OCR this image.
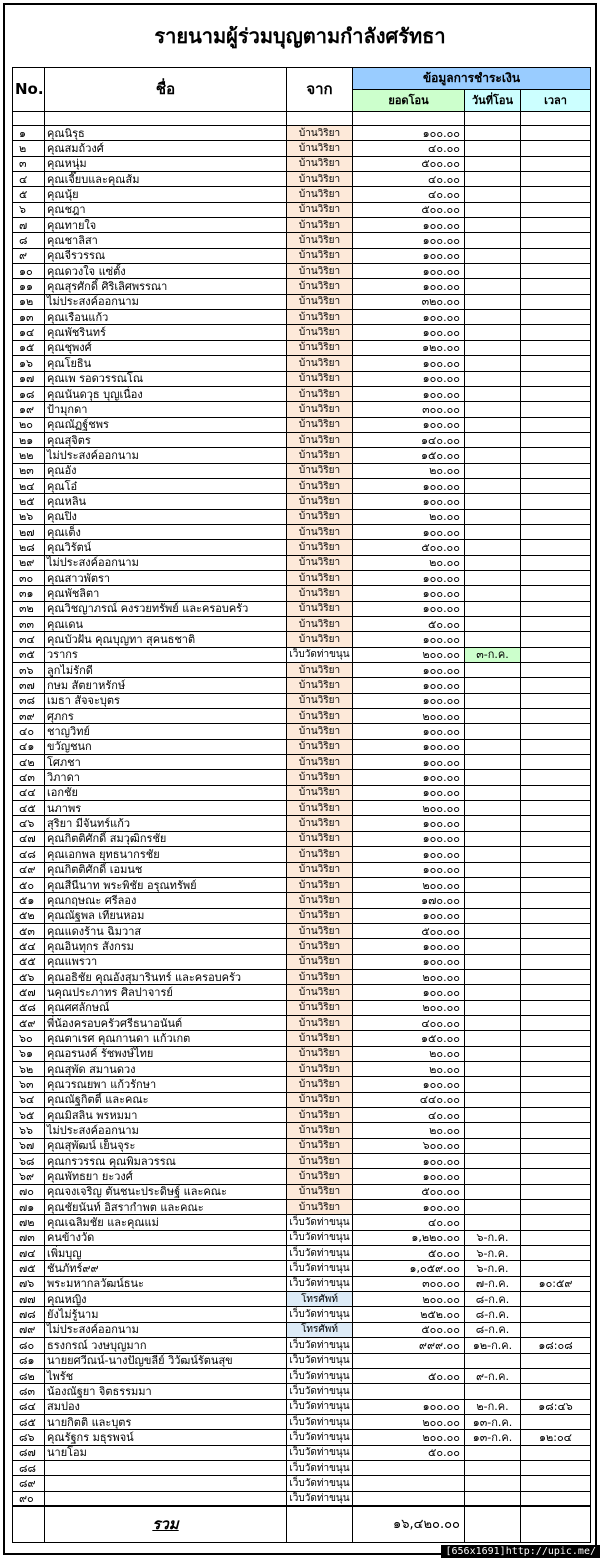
รายนามผู้ร่วมบุญตามกำลังศรัทธา
No.	ชื่อ	จาก	ข้อมูลการชำระเงิน		
			ยอดโอน	วันที่โอน	เวลา

๑	คุณนิรุธ	บ้านวิริยา	๑๐๐.๐๐		
๒	คุณสมถ้วงศ์	บ้านวิริยา	๔๐.๐๐		
๓	คุณหนุ่ม	บ้านวิริยา	๕๐๐.๐๐		
๔	คุณเจี๊ยบและคุณส้ม	บ้านวิริยา	๔๐.๐๐		
๕	คุณนุ้ย	บ้านวิริยา	๔๐.๐๐		
๖	คุณชฎา	บ้านวิริยา	๕๐๐.๐๐		
๗	คุณทายใจ	บ้านวิริยา	๑๐๐.๐๐		
๘	คุณชาลิสา	บ้านวิริยา	๑๐๐.๐๐		
๙	คุณจีรวรรณ	บ้านวิริยา	๑๐๐.๐๐		
๑๐	คุณดวงใจ แซ่ตั้ง	บ้านวิริยา	๑๐๐.๐๐		
๑๑	คุณสุรศักดิ์ ศิริเลิศพรรณา	บ้านวิริยา	๑๐๐.๐๐		
๑๒	ไม่ประสงค์ออกนาม	บ้านวิริยา	๓๒๐.๐๐		
๑๓	คุณเรือนแก้ว	บ้านวิริยา	๑๐๐.๐๐		
๑๔	คุณพัชรินทร์	บ้านวิริยา	๑๐๐.๐๐		
๑๕	คุณชุพงศ์	บ้านวิริยา	๑๒๐.๐๐		
๑๖	คุณโยธิน	บ้านวิริยา	๑๐๐.๐๐		
๑๗	คุณเพ รอดวรรณโณ	บ้านวิริยา	๑๐๐.๐๐		
๑๘	คุณนันดวุธ บุญเนื่อง	บ้านวิริยา	๑๐๐.๐๐		
๑๙	ป้ามุกดา	บ้านวิริยา	๓๐๐.๐๐		
๒๐	คุณณัฏฐ์ชพร	บ้านวิริยา	๑๐๐.๐๐		
๒๑	คุณสุจิตร	บ้านวิริยา	๑๔๐.๐๐		
๒๒	ไม่ประสงค์ออกนาม	บ้านวิริยา	๑๕๐.๐๐		
๒๓	คุณอัง	บ้านวิริยา	๒๐.๐๐		
๒๔	คุณโอ๋	บ้านวิริยา	๑๐๐.๐๐		
๒๕	คุณหลิน	บ้านวิริยา	๑๐๐.๐๐		
๒๖	คุณปิง	บ้านวิริยา	๒๐.๐๐		
๒๗	คุณเต็ง	บ้านวิริยา	๑๐๐.๐๐		
๒๘	คุณวิรัตน์	บ้านวิริยา	๕๐๐.๐๐		
๒๙	ไม่ประสงค์ออกนาม	บ้านวิริยา	๒๐.๐๐		
๓๐	คุณสาวพัตรา	บ้านวิริยา	๑๐๐.๐๐		
๓๑	คุณพัชลิตา	บ้านวิริยา	๑๐๐.๐๐		
๓๒	คุณวิชญาภรณ์ คงรวยทรัพย์ และครอบครัว	บ้านวิริยา	๑๐๐.๐๐		
๓๓	คุณเดน	บ้านวิริยา	๕๐.๐๐		
๓๔	คุณบัวฝัน คุณบุญทา สุคนธชาติ	บ้านวิริยา	๑๐๐.๐๐		
๓๕	วรากร	เว็บวัดท่าขนุน	๒๐๐.๐๐	๓-ก.ค.	
๓๖	ลูกไม่รักดี	บ้านวิริยา	๑๐๐.๐๐		
๓๗	กษม สัตยาหรักษ์	บ้านวิริยา	๑๐๐.๐๐		
๓๘	เมธา สัจจะบุตร	บ้านวิริยา	๑๐๐.๐๐		
๓๙	ศุภกร	บ้านวิริยา	๒๐๐.๐๐		
๔๐	ชาญวิทย์	บ้านวิริยา	๑๐๐.๐๐		
๔๑	ขวัญชนก	บ้านวิริยา	๑๐๐.๐๐		
๔๒	โศภชา	บ้านวิริยา	๑๐๐.๐๐		
๔๓	วิภาดา	บ้านวิริยา	๑๐๐.๐๐		
๔๔	เอกชัย	บ้านวิริยา	๑๐๐.๐๐		
๔๕	นภาพร	บ้านวิริยา	๒๐๐.๐๐		
๔๖	สุริยา มีจันทร์แก้ว	บ้านวิริยา	๑๐๐.๐๐		
๔๗	คุณกิตติศักดิ์ สมวุฒิกรชัย	บ้านวิริยา	๑๐๐.๐๐		
๔๘	คุณเอกพล ยุทธนากรชัย	บ้านวิริยา	๑๐๐.๐๐		
๔๙	คุณกิตติศักดิ์ เอมนช	บ้านวิริยา	๑๐๐.๐๐		
๕๐	คุณสีนีนาท พระพิชัย อรุณทรัพย์	บ้านวิริยา	๒๐๐.๐๐		
๕๑	คุณกฤษณะ ศรีลอง	บ้านวิริยา	๑๗๐.๐๐		
๕๒	คุณณัฐพล เทียนหอม	บ้านวิริยา	๑๐๐.๐๐		
๕๓	คุณแดงร้าน ฉิมวาส	บ้านวิริยา	๕๐๐.๐๐		
๕๔	คุณอินทุกร สังกรม	บ้านวิริยา	๑๐๐.๐๐		
๕๕	คุณแพรวา	บ้านวิริยา	๑๐๐.๐๐		
๕๖	คุณอธิชัย คุณอังสุมารินทร์ และครอบครัว	บ้านวิริยา	๒๐๐.๐๐		
๕๗	นคุณประภาทร ศิลปาจารย์	บ้านวิริยา	๑๐๐.๐๐		
๕๘	คุณศศลักษณ์	บ้านวิริยา	๒๐๐.๐๐		
๕๙	พี่น้องครอบครัวศรีธนาอนันต์	บ้านวิริยา	๔๐๐.๐๐		
๖๐	คุณตาเรศ คุณกานดา แก้วเกต	บ้านวิริยา	๑๕๐.๐๐		
๖๑	คุณอรนงค์ รัชพงษ์ไทย	บ้านวิริยา	๒๐.๐๐		
๖๒	คุณสุพัด สมานดวง	บ้านวิริยา	๒๐.๐๐		
๖๓	คุณวรณยพา แก้วรักษา	บ้านวิริยา	๑๐๐.๐๐		
๖๔	คุณณัฐกิตติ์ และคณะ	บ้านวิริยา	๔๔๐.๐๐		
๖๕	คุณมิสลิน พรหมมา	บ้านวิริยา	๔๐.๐๐		
๖๖	ไม่ประสงค์ออกนาม	บ้านวิริยา	๒๐.๐๐		
๖๗	คุณสุพัฒน์ เย็นจุระ	บ้านวิริยา	๖๐๐.๐๐		
๖๘	คุณกรวรรณ คุณพิมลวรรณ	บ้านวิริยา	๑๐๐.๐๐		
๖๙	คุณพัทธยา ยะวงศ์	บ้านวิริยา	๑๐๐.๐๐		
๗๐	คุณจงเจริญ ตันชนะประดิษฐ์ และคณะ	บ้านวิริยา	๕๐๐.๐๐		
๗๑	คุณชัยนันท์ อิสรากำพต และคณะ	บ้านวิริยา	๑๐๐.๐๐		
๗๒	คุณเฉลิมชัย และคุณแม่	เว็บวัดท่าขนุน	๔๐.๐๐		
๗๓	คนข้างวัด	เว็บวัดท่าขนุน	๑,๒๒๐.๐๐	๖-ก.ค.	
๗๔	เพิ่มบุญ	เว็บวัดท่าขนุน	๕๐.๐๐	๖-ก.ค.	
๗๕	ชันภัทร์๙๙	เว็บวัดท่าขนุน	๑,๐๕๙.๐๐	๖-ก.ค.	
๗๖	พระมหากลวัฒน์ธนะ	เว็บวัดท่าขนุน	๓๐๐.๐๐	๗-ก.ค.	๑๐:๕๙
๗๗	คุณหญิง	โทรศัพท์	๒๐๐.๐๐	๘-ก.ค.	
๗๘	ยังไม่รู้นาม	เว็บวัดท่าขนุน	๒๕๒.๐๐	๘-ก.ค.	
๗๙	ไม่ประสงค์ออกนาม	โทรศัพท์	๕๐๐.๐๐	๘-ก.ค.	
๘๐	ธรงกรณ์ วงษบุญมาก	เว็บวัดท่าขนุน	๙๙๙.๐๐	๑๒-ก.ค.	๑๘:๐๘
๘๑	นายยศวีณน์-นางปัญขลีย์ วิวัฒน์รัตนสุข	เว็บวัดท่าขนุน			
๘๒	ไพรัช	เว็บวัดท่าขนุน	๕๐.๐๐	๙-ก.ค.	
๘๓	น้องณัฐยา จิตธรรมมา	เว็บวัดท่าขนุน			
๘๔	สมปอง	เว็บวัดท่าขนุน	๑๐๐.๐๐	๒-ก.ค.	๑๘:๔๖
๘๕	นายกิตติ และบุตร	เว็บวัดท่าขนุน	๒๐๐.๐๐	๑๓-ก.ค.	
๘๖	คุณรัฐกร มธุรพจน์	เว็บวัดท่าขนุน	๒๐๐.๐๐	๑๓-ก.ค.	๑๒:๐๔
๘๗	นายโอม	เว็บวัดท่าขนุน	๕๐.๐๐		
๘๘		เว็บวัดท่าขนุน			
๘๙		เว็บวัดท่าขนุน			
๙๐		เว็บวัดท่าขนุน			
	รวม		๑๖,๔๒๐.๐๐		
[656x1691]http://upic.me/
